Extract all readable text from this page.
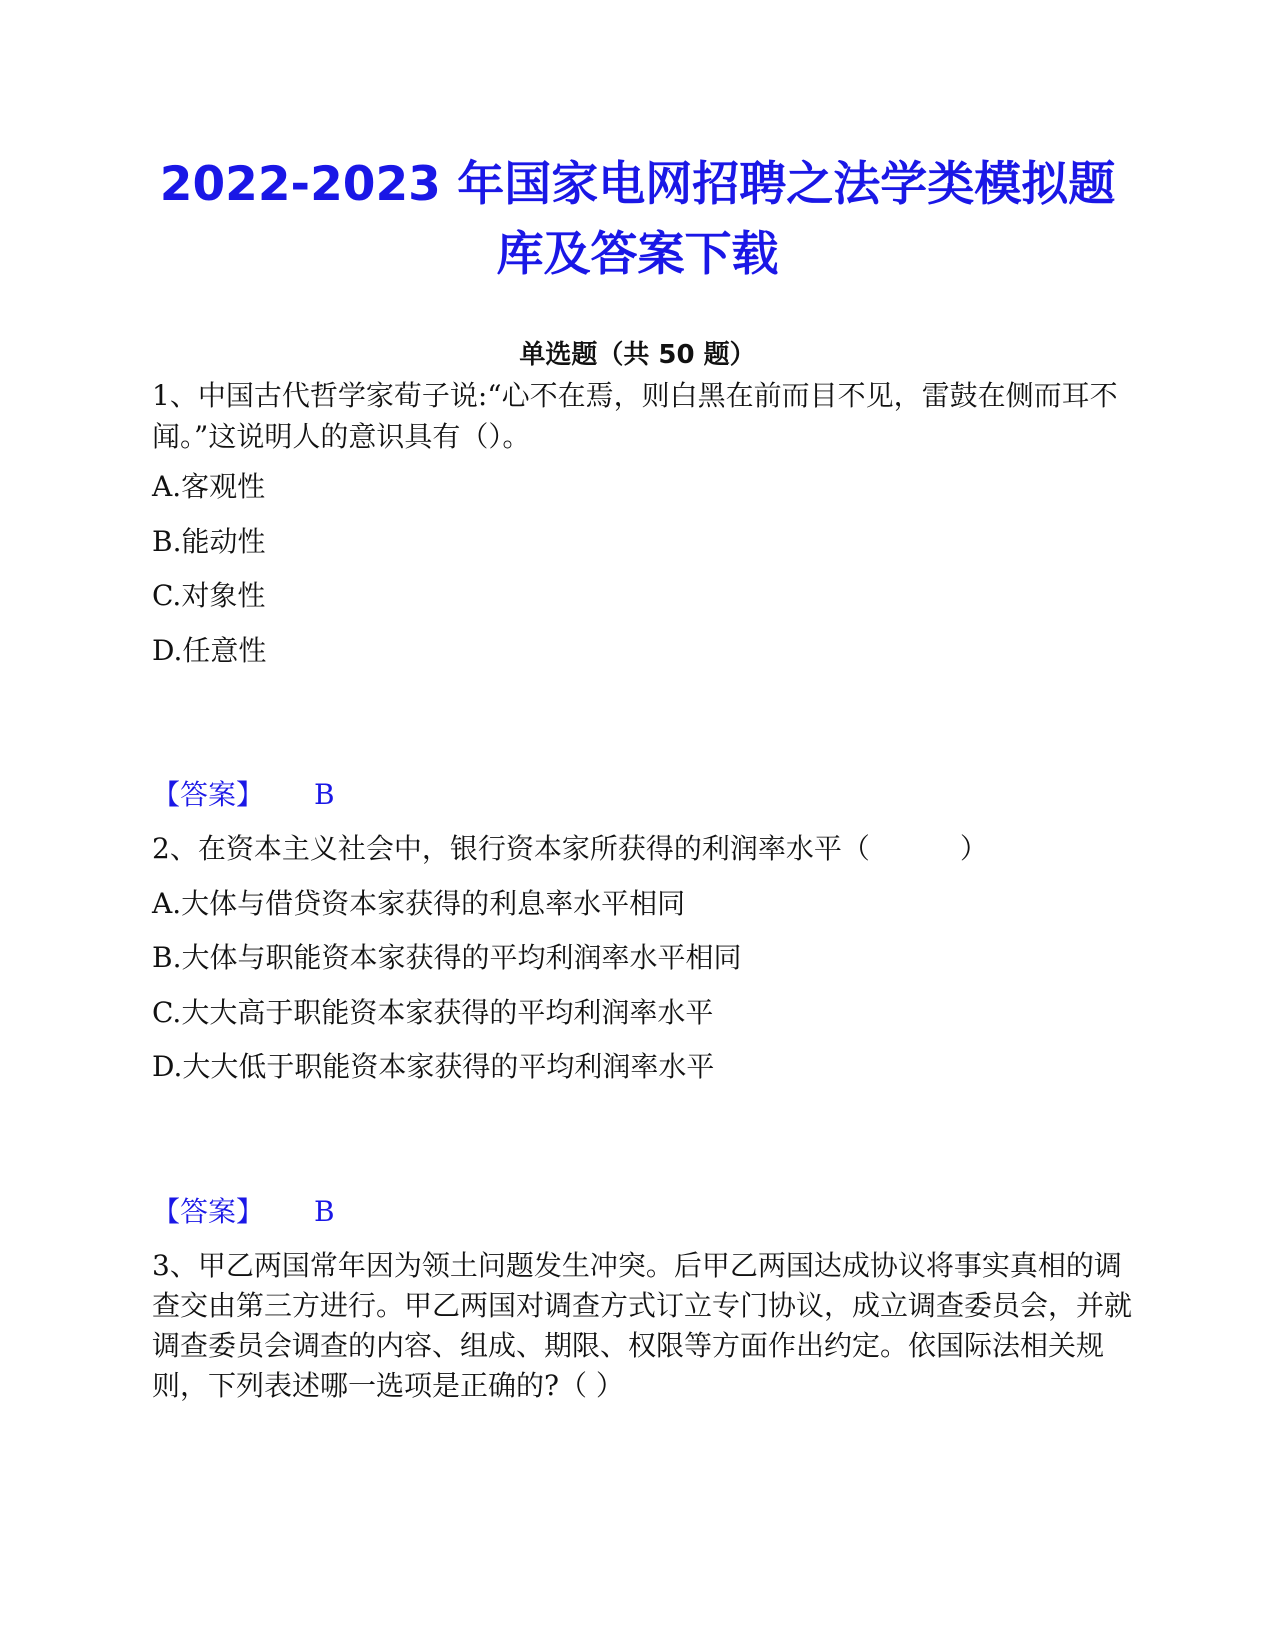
2022-2023 年国家电网招聘之法学类模拟题库及答案下载
单选题（共 50 题）
1、中国古代哲学家荀子说:“心不在焉，则白黑在前而目不见，雷鼓在侧而耳不闻。”这说明人的意识具有（）。
A.客观性
B.能动性
C.对象性
D.任意性
【答案】 B
2、在资本主义社会中，银行资本家所获得的利润率水平（	）
A.大体与借贷资本家获得的利息率水平相同
B.大体与职能资本家获得的平均利润率水平相同
C.大大高于职能资本家获得的平均利润率水平
D.大大低于职能资本家获得的平均利润率水平
【答案】 B
3、甲乙两国常年因为领土问题发生冲突。后甲乙两国达成协议将事实真相的调查交由第三方进行。甲乙两国对调查方式订立专门协议，成立调查委员会，并就调查委员会调查的内容、组成、期限、权限等方面作出约定。依国际法相关规则，下列表述哪一选项是正确的?（ ）
